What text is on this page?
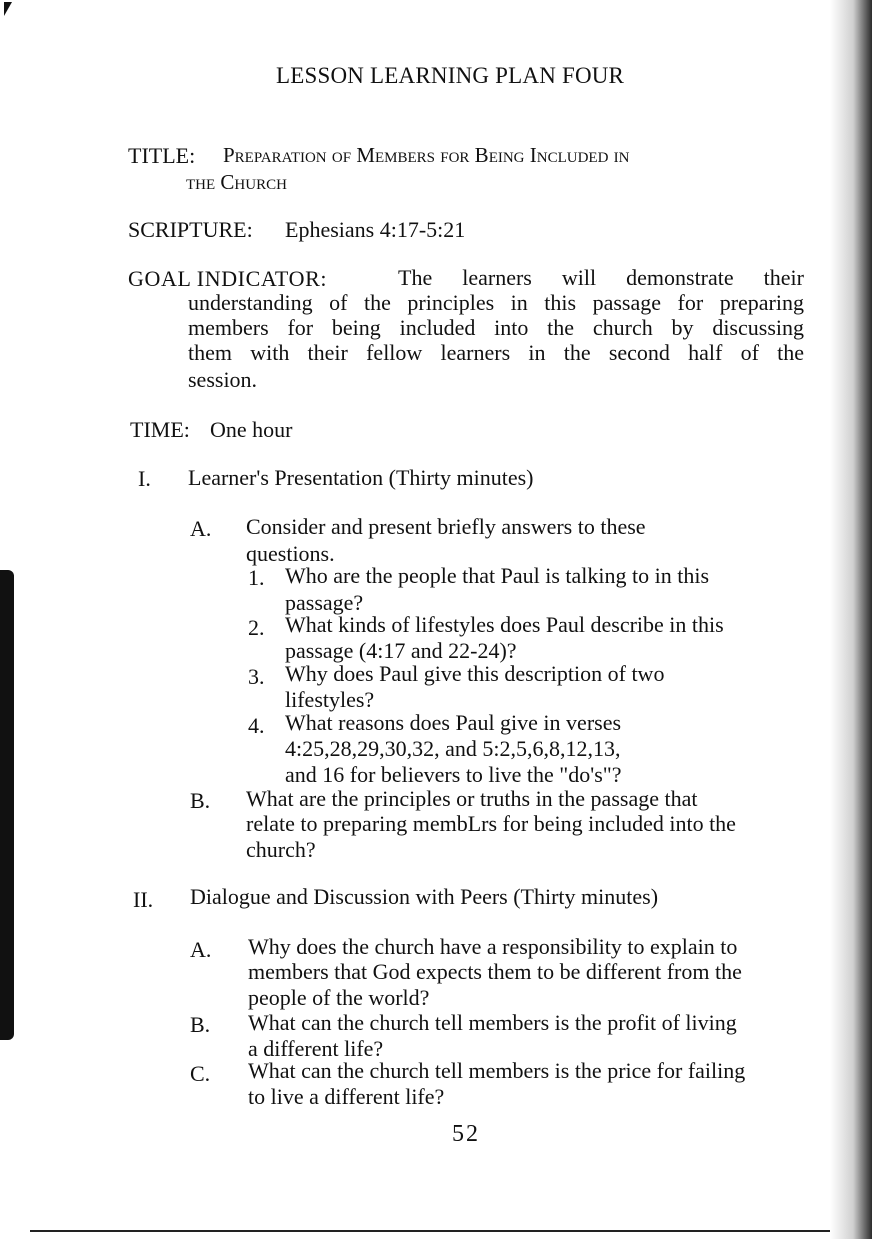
LESSON LEARNING PLAN FOUR
TITLE: Preparation of Members for Being Included in
the Church
SCRIPTURE: Ephesians 4:17-5:21
GOAL INDICATOR:	The learners will demonstrate their
understanding of the principles in this passage for preparing
members for being included into the church by discussing
them with their fellow learners in the second half of the
session.
TIME: One hour
I. Learner's Presentation (Thirty minutes)
A. Consider and present briefly answers to these
questions.
1. Who are the people that Paul is talking to in this
passage?
2. What kinds of lifestyles does Paul describe in this
passage (4:17 and 22-24)?
3. Why does Paul give this description of two
lifestyles?
4. What reasons does Paul give in verses
4:25,28,29,30,32, and 5:2,5,6,8,12,13,
and 16 for believers to live the "do's"?
B. What are the principles or truths in the passage that
relate to preparing membLrs for being included into the
church?
II. Dialogue and Discussion with Peers (Thirty minutes)
A. Why does the church have a responsibility to explain to
members that God expects them to be different from the
people of the world?
B. What can the church tell members is the profit of living
a different life?
C. What can the church tell members is the price for failing
to live a different life?
52
